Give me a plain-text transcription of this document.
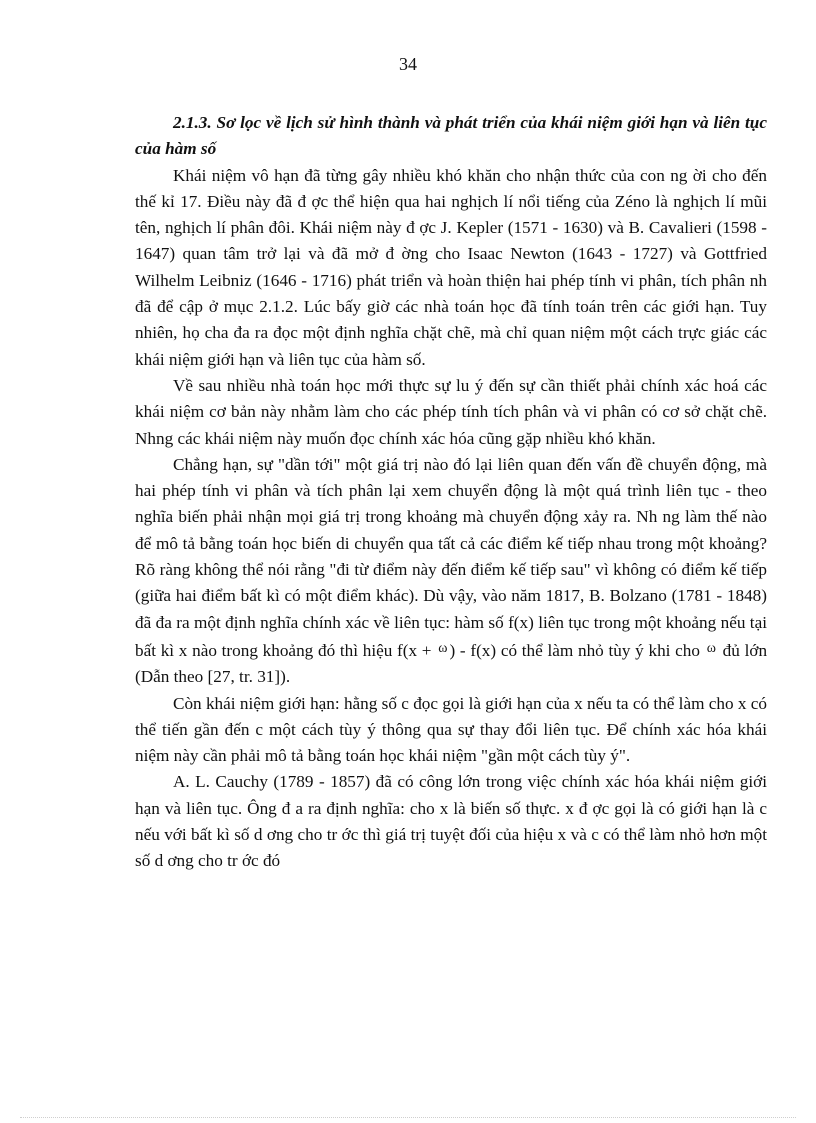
34

2.1.3. Sơ lọc về lịch sử hình thành và phát triển của khái niệm giới hạn và liên tục của hàm số

Khái niệm vô hạn đã từng gây nhiều khó khăn cho nhận thức của con ng ời cho đến thế kỉ 17. Điều này đã đ ợc thể hiện qua hai nghịch lí nổi tiếng của Zéno là nghịch lí mũi tên, nghịch lí phân đôi. Khái niệm này đ ợc J. Kepler (1571 - 1630) và B. Cavalieri (1598 - 1647) quan tâm trở lại và đã mở đ ờng cho Isaac Newton (1643 - 1727) và Gottfried Wilhelm Leibniz (1646 - 1716) phát triển và hoàn thiện hai phép tính vi phân, tích phân nh đã để cập ở mục 2.1.2. Lúc bấy giờ các nhà toán học đã tính toán trên các giới hạn. Tuy nhiên, họ cha đa ra đọc một định nghĩa chặt chẽ, mà chỉ quan niệm một cách trực giác các khái niệm giới hạn và liên tục của hàm số.

Về sau nhiều nhà toán học mới thực sự lu ý đến sự cần thiết phải chính xác hoá các khái niệm cơ bản này nhằm làm cho các phép tính tích phân và vi phân có cơ sở chặt chẽ. Nhng các khái niệm này muốn đọc chính xác hóa cũng gặp nhiều khó khăn.

Chẳng hạn, sự "dần tới" một giá trị nào đó lại liên quan đến vấn đề chuyển động, mà hai phép tính vi phân và tích phân lại xem chuyển động là một quá trình liên tục - theo nghĩa biến phải nhận mọi giá trị trong khoảng mà chuyển động xảy ra. Nh ng làm thế nào để mô tả bằng toán học biến di chuyển qua tất cả các điểm kế tiếp nhau trong một khoảng? Rõ ràng không thể nói rằng "đi từ điểm này đến điểm kế tiếp sau" vì không có điểm kế tiếp (giữa hai điểm bất kì có một điểm khác). Dù vậy, vào năm 1817, B. Bolzano (1781 - 1848) đã đa ra một định nghĩa chính xác về liên tục: hàm số f(x) liên tục trong một khoảng nếu tại bất kì x nào trong khoảng đó thì hiệu f(x + $^\omega$ ) - f(x) có thể làm nhỏ tùy ý khi cho $^\omega$ đủ lớn (Dẫn theo [27, tr. 31]).

Còn khái niệm giới hạn: hằng số c đọc gọi là giới hạn của x nếu ta có thể làm cho x có thể tiến gần đến c một cách tùy ý thông qua sự thay đổi liên tục. Để chính xác hóa khái niệm này cần phải mô tả bằng toán học khái niệm "gần một cách tùy ý".

A. L. Cauchy (1789 - 1857) đã có công lớn trong việc chính xác hóa khái niệm giới hạn và liên tục. Ông đ a ra định nghĩa: cho x là biến số thực. x đ ợc gọi là có giới hạn là c nếu với bất kì số d ơng cho tr ớc thì giá trị tuyệt đối của hiệu x và c có thể làm nhỏ hơn một số d ơng cho tr ớc đó
